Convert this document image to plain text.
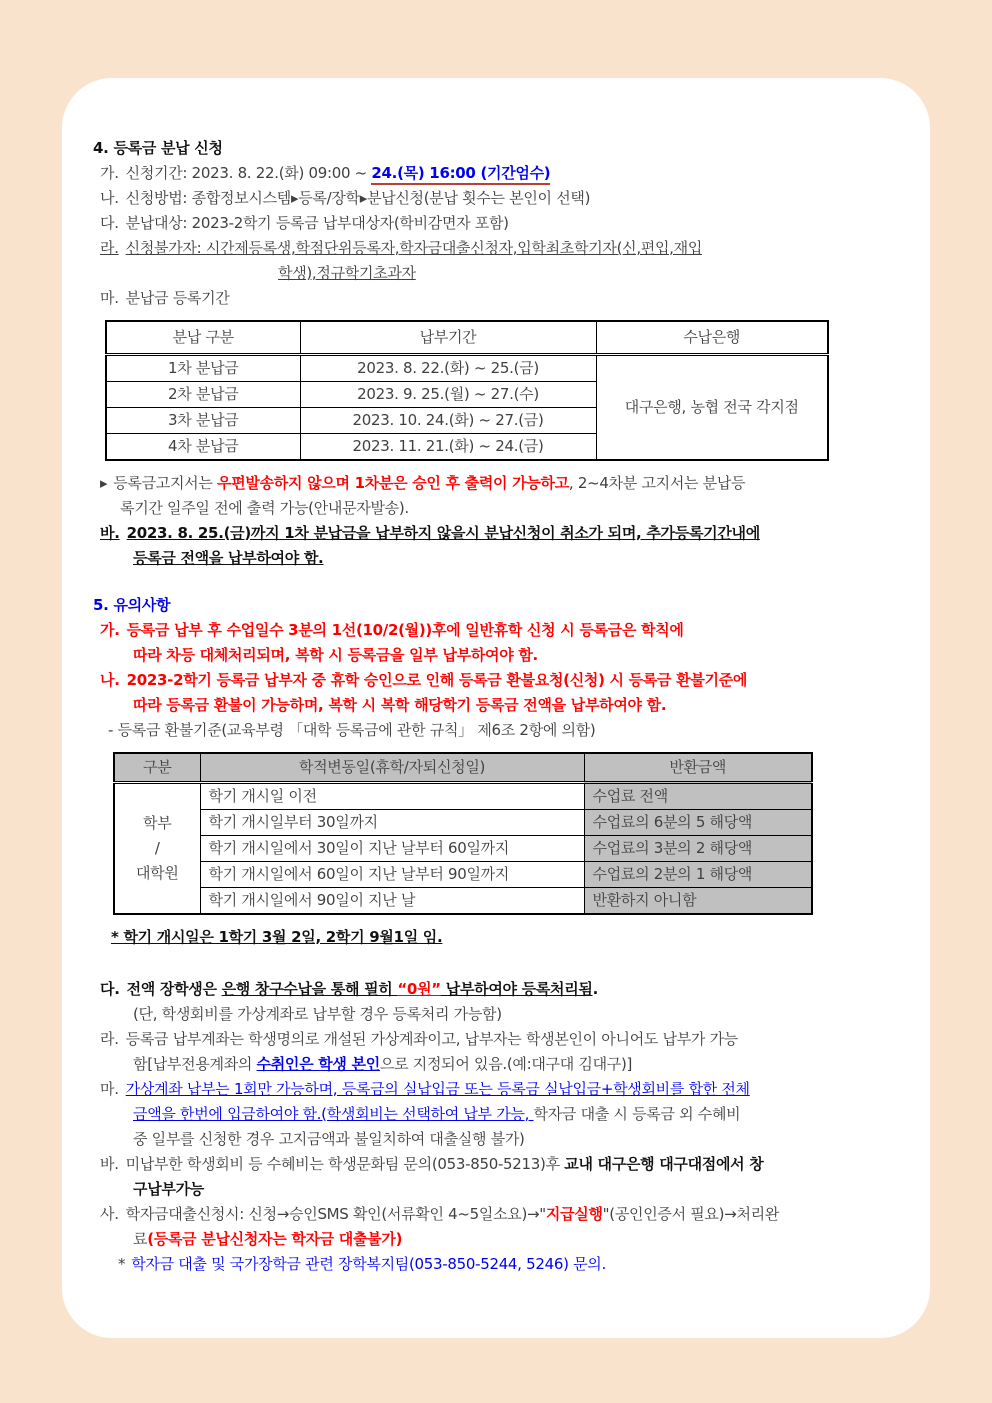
4. 등록금 분납 신청
가. 신청기간: 2023. 8. 22.(화) 09:00 ~ 24.(목) 16:00 (기간엄수)
나. 신청방법: 종합정보시스템▸등록/장학▸분납신청(분납 횟수는 본인이 선택)
다. 분납대상: 2023-2학기 등록금 납부대상자(학비감면자 포함)
라. 신청불가자: 시간제등록생,학점단위등록자,학자금대출신청자,입학최초학기자(신,편입,재입
학생),정규학기초과자
마. 분납금 등록기간
분납 구분	납부기간	수납은행
1차 분납금	2023. 8. 22.(화) ~ 25.(금)	대구은행, 농협 전국 각지점
2차 분납금	2023. 9. 25.(월) ~ 27.(수)	
3차 분납금	2023. 10. 24.(화) ~ 27.(금)	
4차 분납금	2023. 11. 21.(화) ~ 24.(금)	
▸ 등록금고지서는 우편발송하지 않으며 1차분은 승인 후 출력이 가능하고, 2~4차분 고지서는 분납등
록기간 일주일 전에 출력 가능(안내문자발송).
바. 2023. 8. 25.(금)까지 1차 분납금을 납부하지 않을시 분납신청이 취소가 되며, 추가등록기간내에
등록금 전액을 납부하여야 함.
5. 유의사항
가. 등록금 납부 후 수업일수 3분의 1선(10/2(월))후에 일반휴학 신청 시 등록금은 학칙에
따라 차등 대체처리되며, 복학 시 등록금을 일부 납부하여야 함.
나. 2023-2학기 등록금 납부자 중 휴학 승인으로 인해 등록금 환불요청(신청) 시 등록금 환불기준에
따라 등록금 환불이 가능하며, 복학 시 복학 해당학기 등록금 전액을 납부하여야 함.
- 등록금 환불기준(교육부령 「대학 등록금에 관한 규칙」 제6조 2항에 의함)
구분	학적변동일(휴학/자퇴신청일)	반환금액

학부
/
대학원	학기 개시일 이전	수업료 전액
	학기 개시일부터 30일까지	수업료의 6분의 5 해당액
	학기 개시일에서 30일이 지난 날부터 60일까지	수업료의 3분의 2 해당액
	학기 개시일에서 60일이 지난 날부터 90일까지	수업료의 2분의 1 해당액
	학기 개시일에서 90일이 지난 날	반환하지 아니함
* 학기 개시일은 1학기 3월 2일, 2학기 9월1일 임.
다. 전액 장학생은 은행 창구수납을 통해 필히 “0원” 납부하여야 등록처리됨.
(단, 학생회비를 가상계좌로 납부할 경우 등록처리 가능함)
라. 등록금 납부계좌는 학생명의로 개설된 가상계좌이고, 납부자는 학생본인이 아니어도 납부가 가능
함[납부전용계좌의 수취인은 학생 본인으로 지정되어 있음.(예:대구대 김대구)]
마. 가상계좌 납부는 1회만 가능하며, 등록금의 실납입금 또는 등록금 실납입금+학생회비를 합한 전체
금액을 한번에 입금하여야 함.(학생회비는 선택하여 납부 가능, 학자금 대출 시 등록금 외 수혜비
중 일부를 신청한 경우 고지금액과 불일치하여 대출실행 불가)
바. 미납부한 학생회비 등 수혜비는 학생문화팀 문의(053-850-5213)후 교내 대구은행 대구대점에서 창
구납부가능
사. 학자금대출신청시: 신청→승인SMS 확인(서류확인 4~5일소요)→"지급실행"(공인인증서 필요)→처리완
료(등록금 분납신청자는 학자금 대출불가)
* 학자금 대출 및 국가장학금 관련 장학복지팀(053-850-5244, 5246) 문의.
